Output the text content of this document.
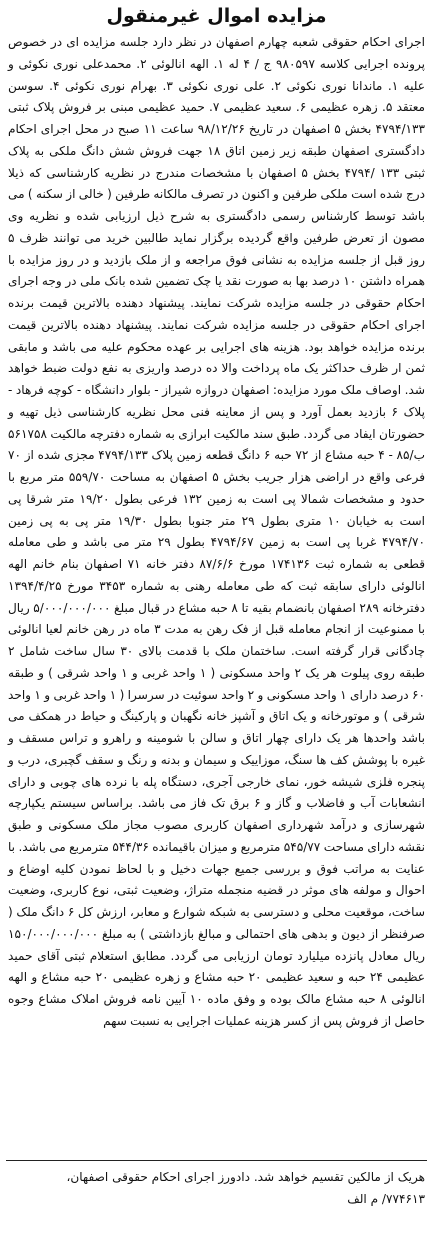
مزایده اموال غیرمنقول

اجرای احکام حقوقی شعبه چهارم اصفهان در نظر دارد جلسه مزایده ای در خصوص پرونده اجرایی کلاسه ۹۸۰۵۹۷ ج / ۴ له ۱. الهه انالوئی ۲. محمدعلی نوری نکوئی و علیه ۱. ماندانا نوری نکوئی ۲. علی نوری نکوئی ۳. بهرام نوری نکوئی ۴. سوسن معتقد ۵. زهره عظیمی ۶. سعید عظیمی ۷. حمید عظیمی مبنی بر فروش پلاک ثبتی ۴۷۹۴/۱۳۳ بخش ۵ اصفهان در تاریخ ۹۸/۱۲/۲۶ ساعت ۱۱ صبح در محل اجرای احکام دادگستری اصفهان طبقه زیر زمین اتاق ۱۸ جهت فروش شش دانگ ملکی به پلاک ثبتی ۱۳۳ /۴۷۹۴ بخش ۵ اصفهان با مشخصات مندرج در نظریه کارشناسی که ذیلا درج شده است ملکی طرفین و اکنون در تصرف مالکانه طرفین ( خالی از سکنه ) می باشد توسط کارشناس رسمی دادگستری به شرح ذیل ارزیابی شده و نظریه وی مصون از تعرض طرفین واقع گردیده برگزار نماید طالبین خرید می توانند ظرف ۵ روز قبل از جلسه مزایده به نشانی فوق مراجعه و از ملک بازدید و در روز مزایده با همراه داشتن ۱۰ درصد بها به صورت نقد یا چک تضمین شده بانک ملی در وجه اجرای احکام حقوقی در جلسه مزایده شرکت نمایند. پیشنهاد دهنده بالاترین قیمت برنده اجرای احکام حقوقی در جلسه مزایده شرکت نمایند. پیشنهاد دهنده بالاترین قیمت برنده مزایده خواهد بود. هزینه های اجرایی بر عهده محکوم علیه می باشد و مابقی ثمن ار ظرف حداکثر یک ماه پرداخت والا ده درصد واریزی به نفع دولت ضبط خواهد شد. اوصاف ملک مورد مزایده: اصفهان دروازه شیراز - بلوار دانشگاه - کوچه فرهاد - پلاک ۶ بازدید بعمل آورد و پس از معاینه فنی محل نظریه کارشناسی ذیل تهیه و حضورتان ایفاد می گردد. طبق سند مالکیت ابرازی به شماره دفترچه مالکیت ۵۶۱۷۵۸ ب/۸۵ - ۴ حبه مشاع از ۷۲ حبه ۶ دانگ قطعه زمین پلاک ۴۷۹۴/۱۳۳ مجزی شده از ۷۰ فرعی واقع در اراضی هزار جریب بخش ۵ اصفهان به مساحت ۵۵۹/۷۰ متر مربع با حدود و مشخصات شمالا پی است به زمین ۱۳۲ فرعی بطول ۱۹/۲۰ متر شرقا پی است به خیابان ۱۰ متری بطول ۲۹ متر جنوبا بطول ۱۹/۳۰ متر پی به پی زمین ۴۷۹۴/۷۰ غربا پی است به زمین ۴۷۹۴/۶۷ بطول ۲۹ متر می باشد و طی معامله قطعی به شماره ثبت ۱۷۴۱۳۶ مورخ ۸۷/۶/۶ دفتر خانه ۷۱ اصفهان بنام خانم الهه انالوئی دارای سابقه ثبت که طی معامله رهنی به شماره ۳۴۵۳ مورخ ۱۳۹۴/۴/۲۵ دفترخانه ۲۸۹ اصفهان بانضمام بقیه تا ۸ حبه مشاع در قبال مبلغ ۵/۰۰۰/۰۰۰/۰۰۰ ریال با ممنوعیت از انجام معامله قبل از فک رهن به مدت ۳ ماه در رهن خانم لعیا انالوئی چادگانی قرار گرفته است. ساختمان ملک با قدمت بالای ۳۰ سال ساخت شامل ۲ طبقه روی پیلوت هر یک ۲ واحد مسکونی ( ۱ واحد غربی و ۱ واحد شرقی ) و طبقه ۶۰ درصد دارای ۱ واحد مسکونی و ۲ واحد سوئیت در سرسرا ( ۱ واحد غربی و ۱ واحد شرقی ) و موتورخانه و یک اتاق و آشپز خانه نگهبان و پارکینگ و حیاط در همکف می باشد واحدها هر یک دارای چهار اتاق و سالن با شومینه و راهرو و تراس مسقف و غیره با پوشش کف ها سنگ، موزاییک و سیمان و بدنه و رنگ و سقف گچبری، درب و پنجره فلزی شیشه خور، نمای خارجی آجری، دستگاه پله با نرده های چوبی و دارای انشعابات آب و فاضلاب و گاز و ۶ برق تک فاز می باشد. براساس سیستم یکپارچه شهرسازی و درآمد شهرداری اصفهان کاربری مصوب مجاز ملک مسکونی و طبق نقشه دارای مساحت ۵۴۵/۷۷ مترمربع و میزان باقیمانده ۵۴۴/۳۶ مترمربع می باشد. با عنایت به مراتب فوق و بررسی جمیع جهات دخیل و با لحاظ نمودن کلیه اوضاع و احوال و مولفه های موثر در قضیه منجمله متراژ، وضعیت ثبتی، نوع کاربری، وضعیت ساخت، موقعیت محلی و دسترسی به شبکه شوارع و معابر، ارزش کل ۶ دانگ ملک ( صرفنظر از دیون و بدهی های احتمالی و مبالغ بازداشتی ) به مبلغ ۱۵۰/۰۰۰/۰۰۰/۰۰۰ ریال معادل پانزده میلیارد تومان ارزیابی می گردد. مطابق استعلام ثبتی آقای حمید عظیمی ۲۴ حبه و سعید عظیمی ۲۰ حبه مشاع و زهره عظیمی ۲۰ حبه مشاع و الهه انالوئی ۸ حبه مشاع مالک بوده و وفق ماده ۱۰ آیین نامه فروش املاک مشاع وجوه حاصل از فروش پس از کسر هزینه عملیات اجرایی به نسبت سهم

هریک از مالکین تقسیم خواهد شد. دادورز اجرای احکام حقوقی اصفهان،
۷۷۴۶۱۳/ م الف
